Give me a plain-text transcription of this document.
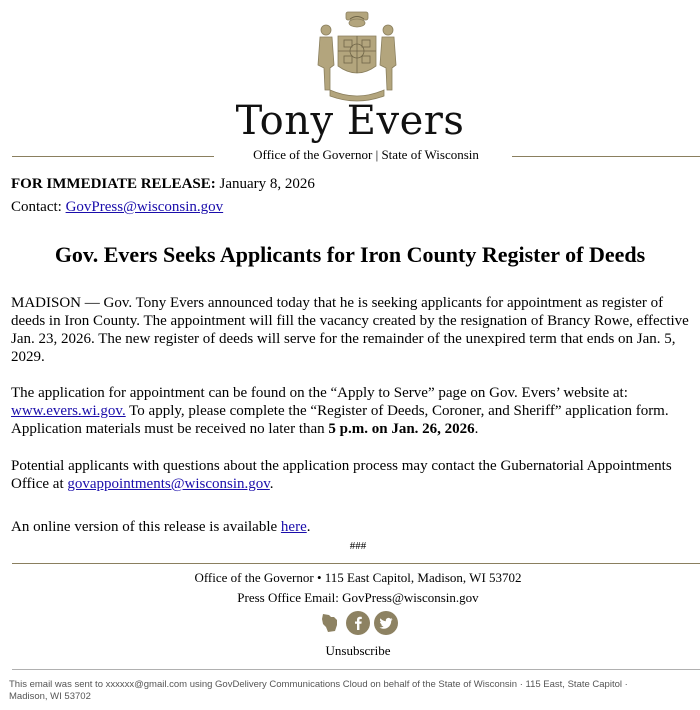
Tony Evers
Office of the Governor | State of Wisconsin
FOR IMMEDIATE RELEASE: January 8, 2026
Contact: GovPress@wisconsin.gov
Gov. Evers Seeks Applicants for Iron County Register of Deeds
MADISON — Gov. Tony Evers announced today that he is seeking applicants for appointment as register of deeds in Iron County. The appointment will fill the vacancy created by the resignation of Brancy Rowe, effective Jan. 23, 2026. The new register of deeds will serve for the remainder of the unexpired term that ends on Jan. 5, 2029.
The application for appointment can be found on the “Apply to Serve” page on Gov. Evers’ website at: www.evers.wi.gov. To apply, please complete the “Register of Deeds, Coroner, and Sheriff” application form. Application materials must be received no later than 5 p.m. on Jan. 26, 2026.
Potential applicants with questions about the application process may contact the Gubernatorial Appointments Office at govappointments@wisconsin.gov.
An online version of this release is available here.
###
Office of the Governor • 115 East Capitol, Madison, WI 53702
Press Office Email: GovPress@wisconsin.gov
Unsubscribe
This email was sent to xxxxxx@gmail.com using GovDelivery Communications Cloud on behalf of the State of Wisconsin · 115 East, State Capitol · Madison, WI 53702
